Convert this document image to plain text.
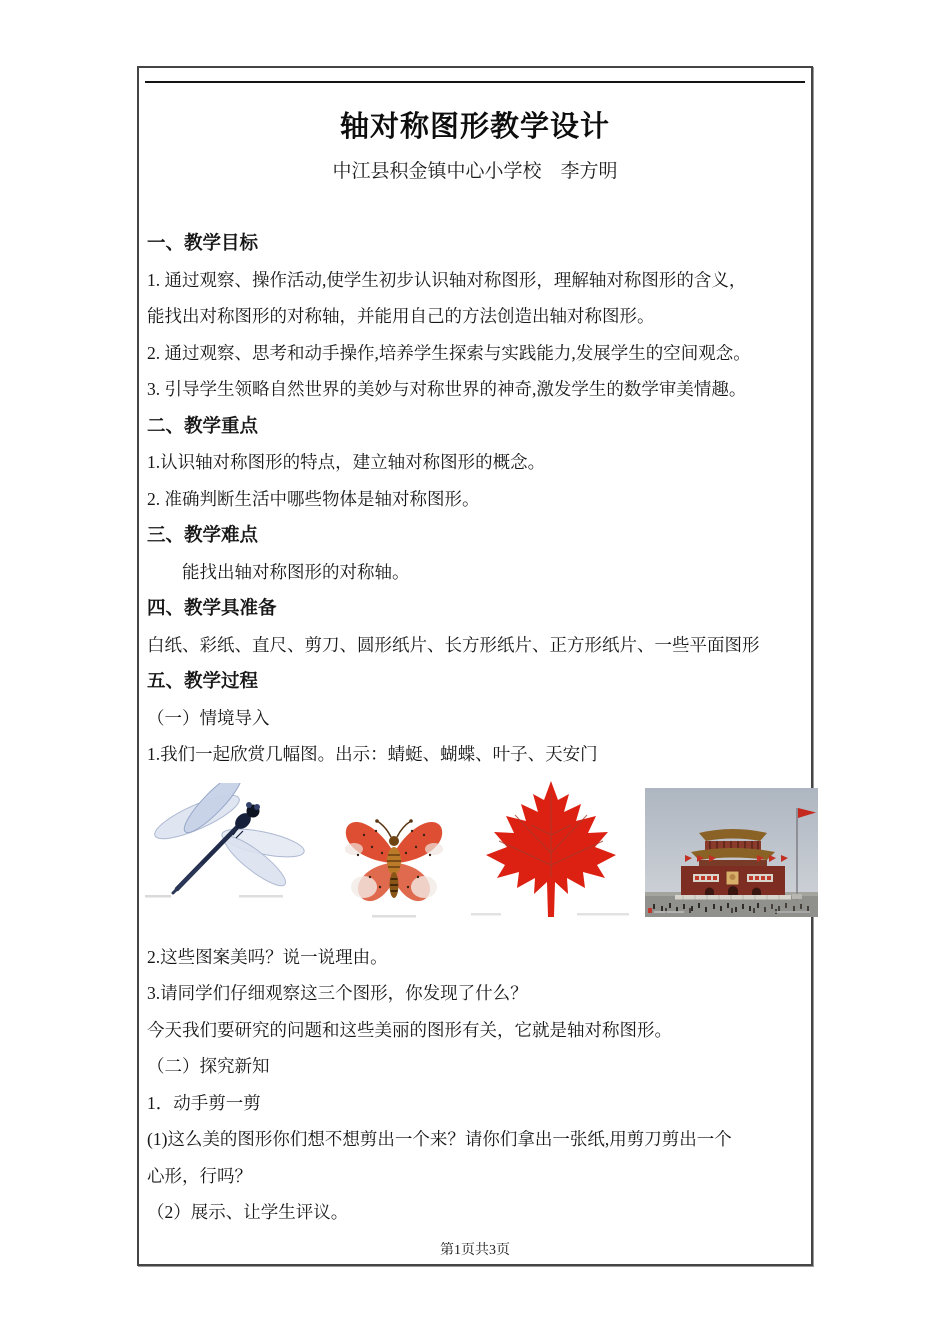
轴对称图形教学设计
中江县积金镇中心小学校　李方明
一、教学目标
1. 通过观察、操作活动,使学生初步认识轴对称图形，理解轴对称图形的含义，
能找出对称图形的对称轴，并能用自己的方法创造出轴对称图形。
2. 通过观察、思考和动手操作,培养学生探索与实践能力,发展学生的空间观念。
3. 引导学生领略自然世界的美妙与对称世界的神奇,激发学生的数学审美情趣。
二、教学重点
1.认识轴对称图形的特点，建立轴对称图形的概念。
2. 准确判断生活中哪些物体是轴对称图形。
三、教学难点
能找出轴对称图形的对称轴。
四、教学具准备
白纸、彩纸、直尺、剪刀、圆形纸片、长方形纸片、正方形纸片、一些平面图形
五、教学过程
（一）情境导入
1.我们一起欣赏几幅图。出示：蜻蜓、蝴蝶、叶子、天安门
2.这些图案美吗？说一说理由。
3.请同学们仔细观察这三个图形，你发现了什么？
今天我们要研究的问题和这些美丽的图形有关，它就是轴对称图形。
（二）探究新知
1．动手剪一剪
(1)这么美的图形你们想不想剪出一个来？请你们拿出一张纸,用剪刀剪出一个
心形，行吗？
（2）展示、让学生评议。
第1页共3页
